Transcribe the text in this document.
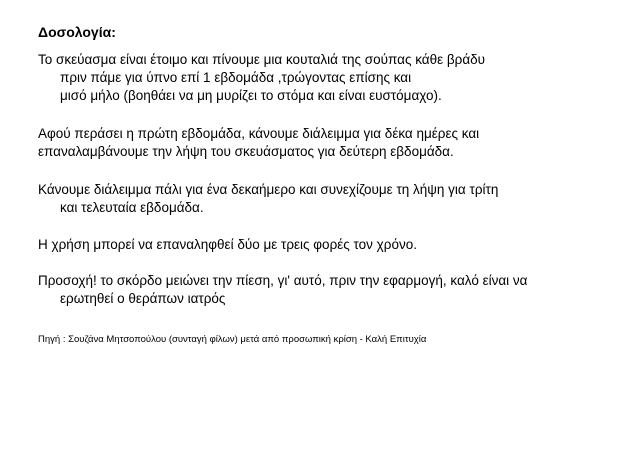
Δοσολογία:

Το σκεύασμα είναι έτοιμο και πίνουμε μια κουταλιά της σούπας κάθε βράδυ
πριν πάμε για ύπνο επί 1 εβδομάδα ,τρώγοντας επίσης και
μισό μήλο (βοηθάει να μη μυρίζει το στόμα και είναι ευστόμαχο).

Αφού περάσει η πρώτη εβδομάδα, κάνουμε διάλειμμα για δέκα ημέρες και
επαναλαμβάνουμε την λήψη του σκευάσματος για δεύτερη εβδομάδα.

Κάνουμε διάλειμμα πάλι για ένα δεκαήμερο και συνεχίζουμε τη λήψη για τρίτη
και τελευταία εβδομάδα.

Η χρήση μπορεί να επαναληφθεί δύο με τρεις φορές τον χρόνο.

Προσοχή! το σκόρδο μειώνει την πίεση, γι' αυτό, πριν την εφαρμογή, καλό είναι να
ερωτηθεί ο θεράπων ιατρός

Πηγή : Σουζάνα Μητσοπούλου (συνταγή φίλων) μετά από προσωπική κρίση - Καλή Επιτυχία
